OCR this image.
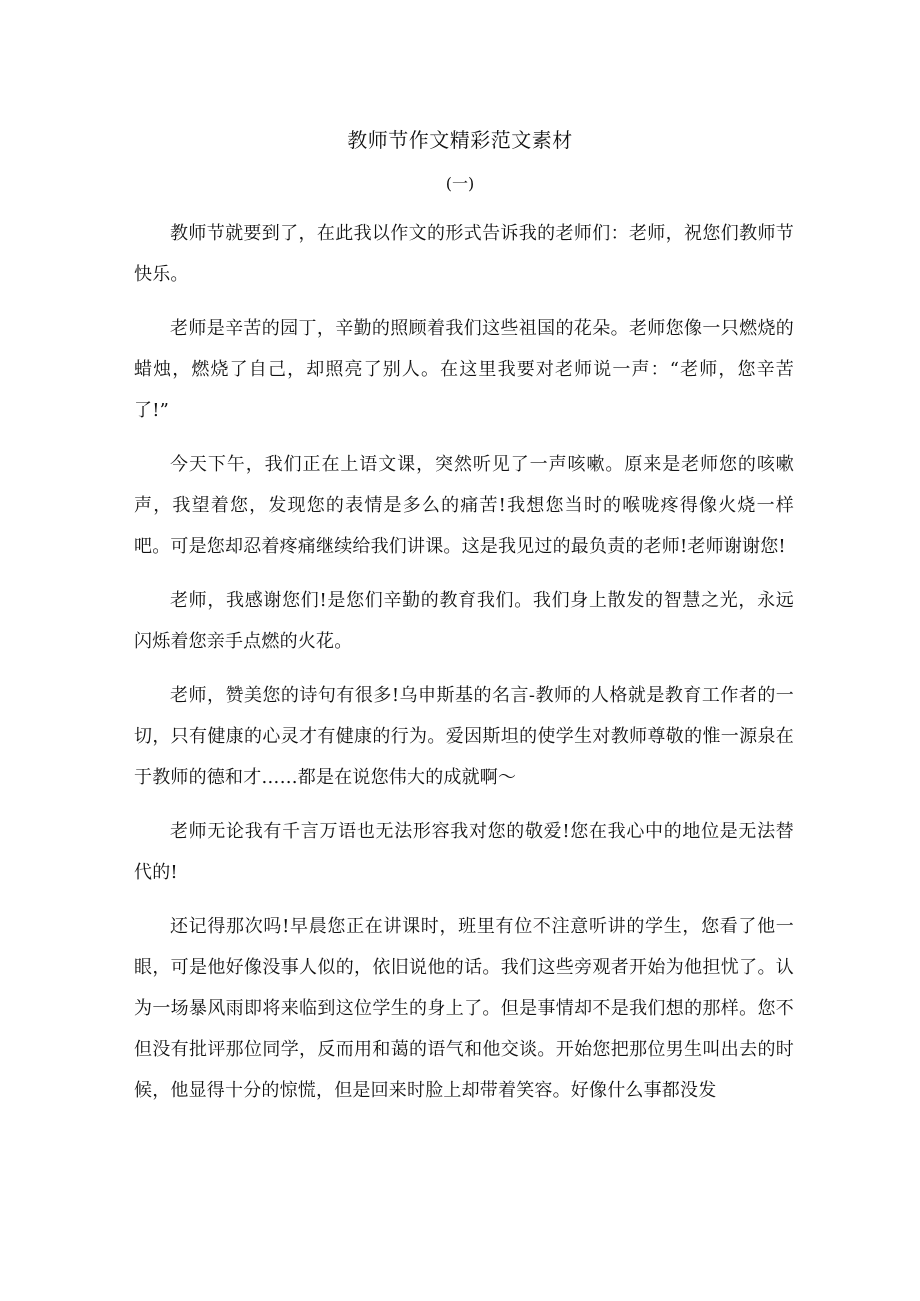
教师节作文精彩范文素材
(一)

教师节就要到了，在此我以作文的形式告诉我的老师们：老师，祝您们教师节快乐。

老师是辛苦的园丁，辛勤的照顾着我们这些祖国的花朵。老师您像一只燃烧的蜡烛，燃烧了自己，却照亮了别人。在这里我要对老师说一声：“老师，您辛苦了!”

今天下午，我们正在上语文课，突然听见了一声咳嗽。原来是老师您的咳嗽声，我望着您，发现您的表情是多么的痛苦!我想您当时的喉咙疼得像火烧一样吧。可是您却忍着疼痛继续给我们讲课。这是我见过的最负责的老师!老师谢谢您!

老师，我感谢您们!是您们辛勤的教育我们。我们身上散发的智慧之光，永远闪烁着您亲手点燃的火花。

老师，赞美您的诗句有很多!乌申斯基的名言-教师的人格就是教育工作者的一切，只有健康的心灵才有健康的行为。爱因斯坦的使学生对教师尊敬的惟一源泉在于教师的德和才……都是在说您伟大的成就啊～

老师无论我有千言万语也无法形容我对您的敬爱!您在我心中的地位是无法替代的!

还记得那次吗!早晨您正在讲课时，班里有位不注意听讲的学生，您看了他一眼，可是他好像没事人似的，依旧说他的话。我们这些旁观者开始为他担忧了。认为一场暴风雨即将来临到这位学生的身上了。但是事情却不是我们想的那样。您不但没有批评那位同学，反而用和蔼的语气和他交谈。开始您把那位男生叫出去的时候，他显得十分的惊慌，但是回来时脸上却带着笑容。好像什么事都没发
